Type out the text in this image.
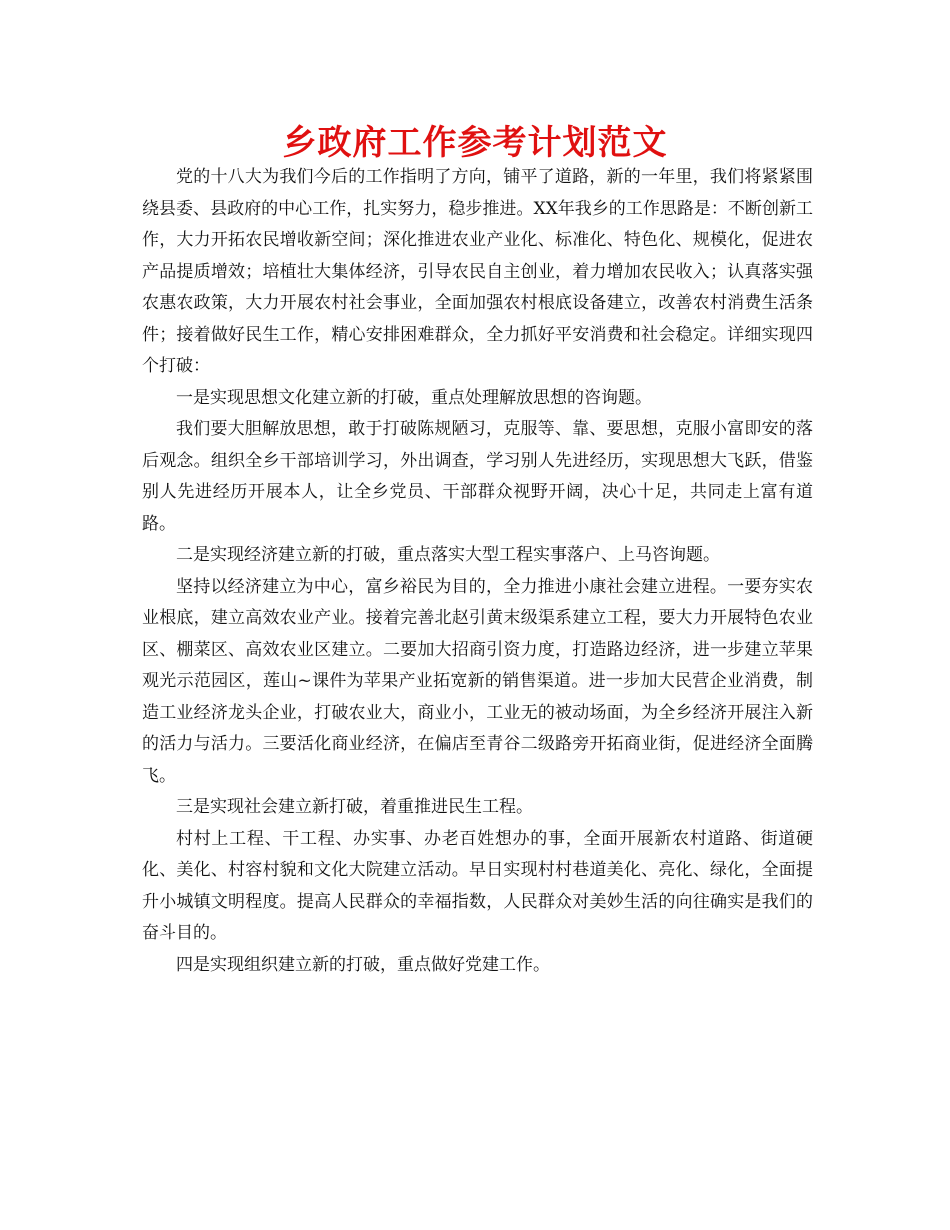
乡政府工作参考计划范文

党的十八大为我们今后的工作指明了方向，铺平了道路，新的一年里，我们将紧紧围绕县委、县政府的中心工作，扎实努力，稳步推进。XX年我乡的工作思路是：不断创新工作，大力开拓农民增收新空间；深化推进农业产业化、标准化、特色化、规模化，促进农产品提质增效；培植壮大集体经济，引导农民自主创业，着力增加农民收入；认真落实强农惠农政策，大力开展农村社会事业，全面加强农村根底设备建立，改善农村消费生活条件；接着做好民生工作，精心安排困难群众，全力抓好平安消费和社会稳定。详细实现四个打破：

一是实现思想文化建立新的打破，重点处理解放思想的咨询题。

我们要大胆解放思想，敢于打破陈规陋习，克服等、靠、要思想，克服小富即安的落后观念。组织全乡干部培训学习，外出调查，学习别人先进经历，实现思想大飞跃，借鉴别人先进经历开展本人，让全乡党员、干部群众视野开阔，决心十足，共同走上富有道路。

二是实现经济建立新的打破，重点落实大型工程实事落户、上马咨询题。

坚持以经济建立为中心，富乡裕民为目的，全力推进小康社会建立进程。一要夯实农业根底，建立高效农业产业。接着完善北赵引黄末级渠系建立工程，要大力开展特色农业区、棚菜区、高效农业区建立。二要加大招商引资力度，打造路边经济，进一步建立苹果观光示范园区，莲山~课件为苹果产业拓宽新的销售渠道。进一步加大民营企业消费，制造工业经济龙头企业，打破农业大，商业小，工业无的被动场面，为全乡经济开展注入新的活力与活力。三要活化商业经济，在偏店至青谷二级路旁开拓商业街，促进经济全面腾飞。

三是实现社会建立新打破，着重推进民生工程。

村村上工程、干工程、办实事、办老百姓想办的事，全面开展新农村道路、街道硬化、美化、村容村貌和文化大院建立活动。早日实现村村巷道美化、亮化、绿化，全面提升小城镇文明程度。提高人民群众的幸福指数，人民群众对美妙生活的向往确实是我们的奋斗目的。

四是实现组织建立新的打破，重点做好党建工作。
